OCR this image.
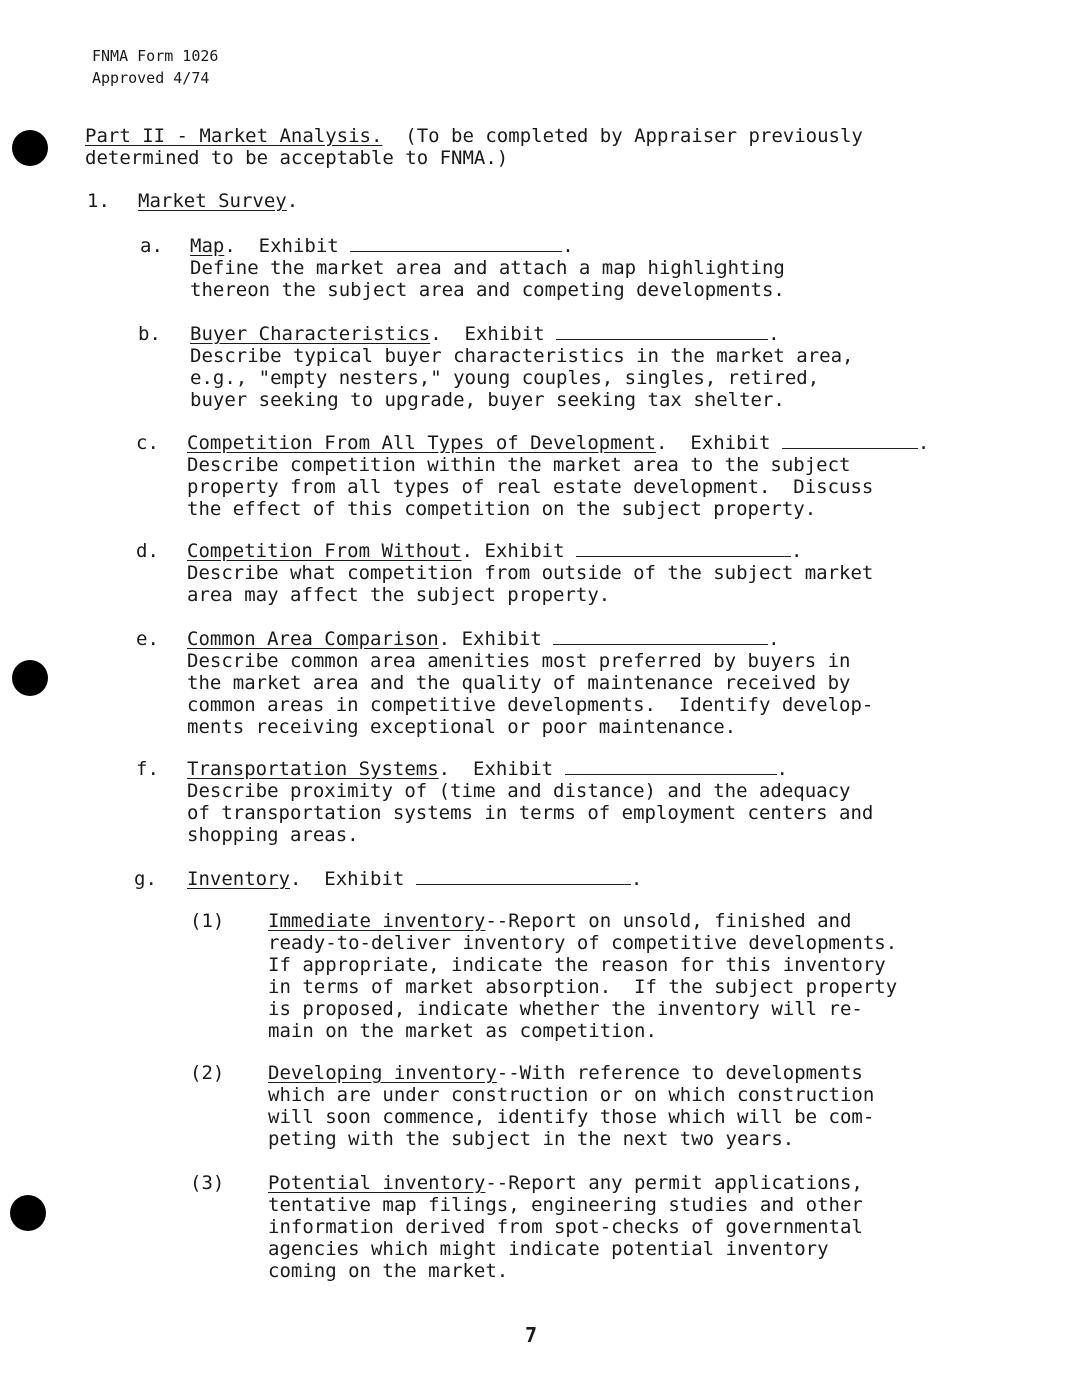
FNMA Form 1026
Approved 4/74
Part II - Market Analysis.  (To be completed by Appraiser previously
determined to be acceptable to FNMA.)
1. Market Survey.
a. Map.  Exhibit	.
Define the market area and attach a map highlighting
thereon the subject area and competing developments.
b. Buyer Characteristics.  Exhibit	.
Describe typical buyer characteristics in the market area,
e.g., "empty nesters," young couples, singles, retired,
buyer seeking to upgrade, buyer seeking tax shelter.
c. Competition From All Types of Development.  Exhibit	.
Describe competition within the market area to the subject
property from all types of real estate development.  Discuss
the effect of this competition on the subject property.
d. Competition From Without. Exhibit	.
Describe what competition from outside of the subject market
area may affect the subject property.
e. Common Area Comparison. Exhibit	.
Describe common area amenities most preferred by buyers in
the market area and the quality of maintenance received by
common areas in competitive developments.  Identify develop-
ments receiving exceptional or poor maintenance.
f. Transportation Systems.  Exhibit	.
Describe proximity of (time and distance) and the adequacy
of transportation systems in terms of employment centers and
shopping areas.
g. Inventory.  Exhibit	.
(1) Immediate inventory--Report on unsold, finished and
ready-to-deliver inventory of competitive developments.
If appropriate, indicate the reason for this inventory
in terms of market absorption.  If the subject property
is proposed, indicate whether the inventory will re-
main on the market as competition.
(2) Developing inventory--With reference to developments
which are under construction or on which construction
will soon commence, identify those which will be com-
peting with the subject in the next two years.
(3) Potential inventory--Report any permit applications,
tentative map filings, engineering studies and other
information derived from spot-checks of governmental
agencies which might indicate potential inventory
coming on the market.
7
